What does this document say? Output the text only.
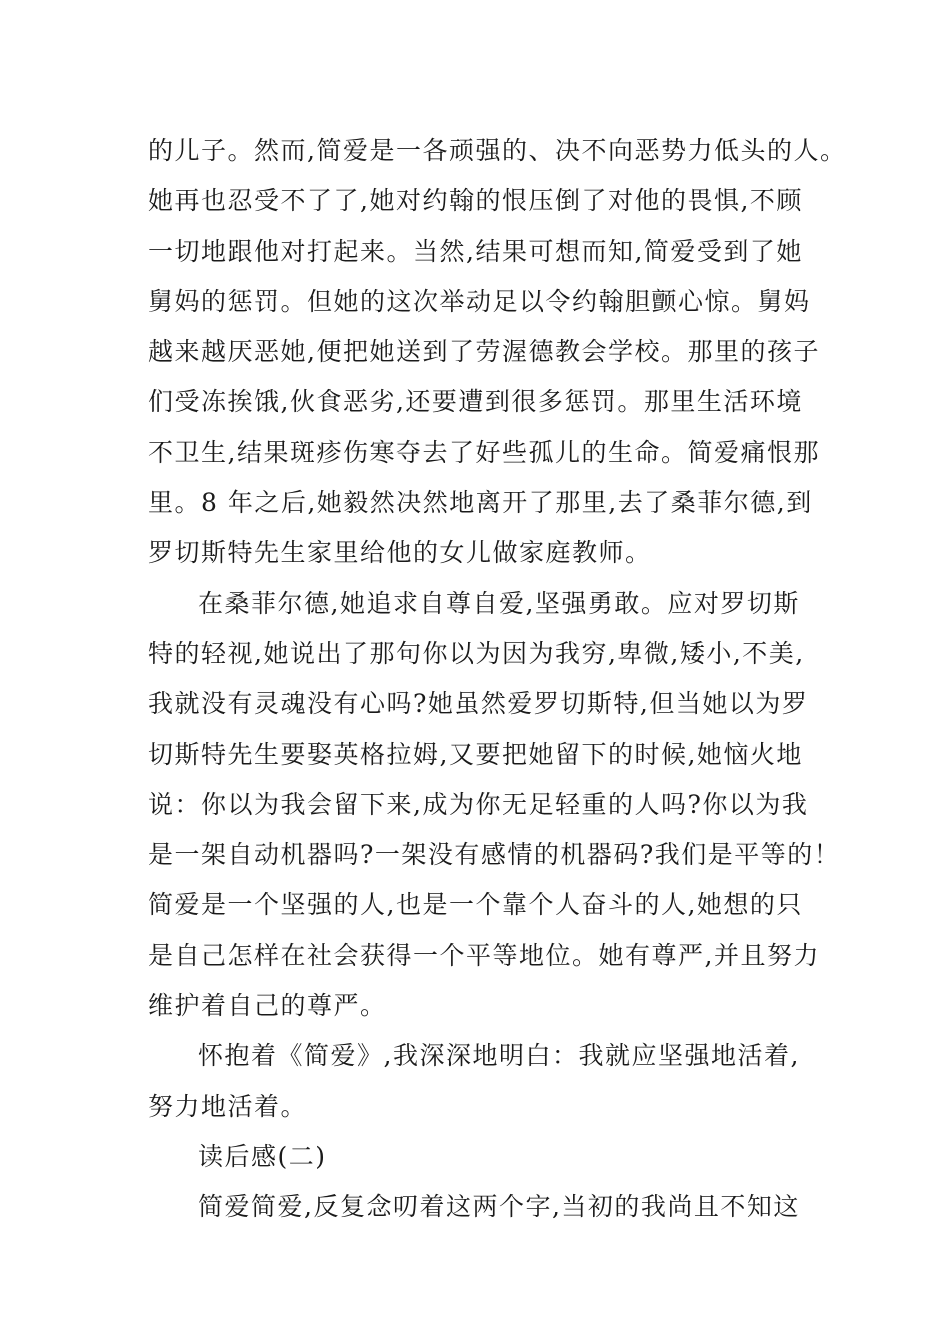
的儿子。然而,简爱是一各顽强的、决不向恶势力低头的人。
她再也忍受不了了,她对约翰的恨压倒了对他的畏惧,不顾
一切地跟他对打起来。当然,结果可想而知,简爱受到了她
舅妈的惩罚。但她的这次举动足以令约翰胆颤心惊。舅妈
越来越厌恶她,便把她送到了劳渥德教会学校。那里的孩子
们受冻挨饿,伙食恶劣,还要遭到很多惩罚。那里生活环境
不卫生,结果斑疹伤寒夺去了好些孤儿的生命。简爱痛恨那
里。8 年之后,她毅然决然地离开了那里,去了桑菲尔德,到
罗切斯特先生家里给他的女儿做家庭教师。
在桑菲尔德,她追求自尊自爱,坚强勇敢。应对罗切斯
特的轻视,她说出了那句你以为因为我穷,卑微,矮小,不美,
我就没有灵魂没有心吗?她虽然爱罗切斯特,但当她以为罗
切斯特先生要娶英格拉姆,又要把她留下的时候,她恼火地
说：你以为我会留下来,成为你无足轻重的人吗?你以为我
是一架自动机器吗?一架没有感情的机器码?我们是平等的！
简爱是一个坚强的人,也是一个靠个人奋斗的人,她想的只
是自己怎样在社会获得一个平等地位。她有尊严,并且努力
维护着自己的尊严。
怀抱着《简爱》,我深深地明白：我就应坚强地活着,
努力地活着。
读后感(二)
简爱简爱,反复念叨着这两个字,当初的我尚且不知这
